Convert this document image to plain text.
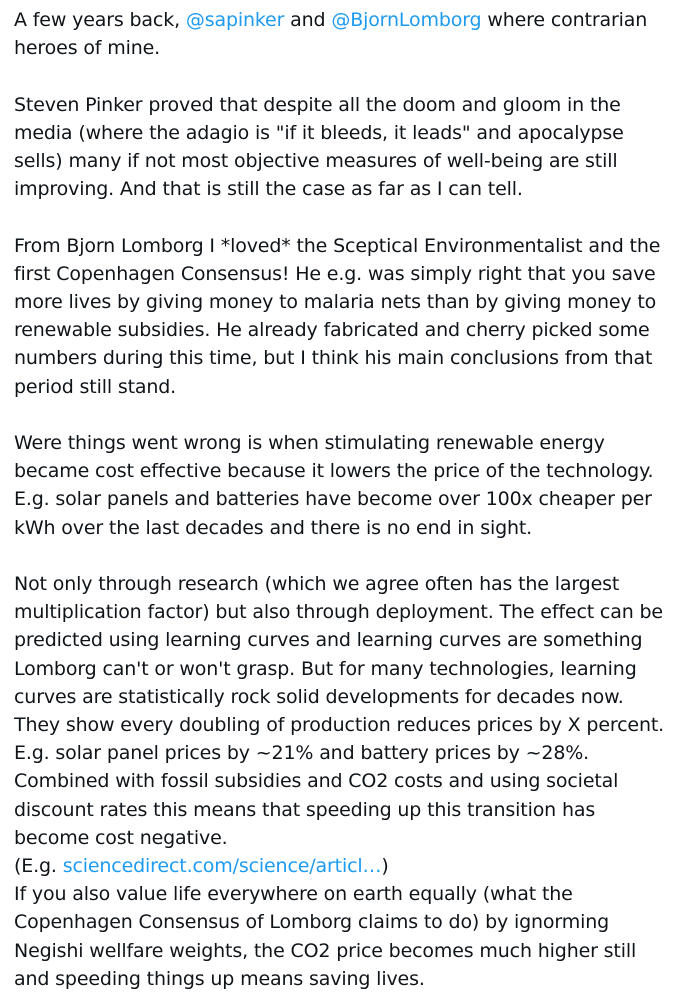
A few years back, @sapinker and @BjornLomborg where contrarian heroes of mine.

Steven Pinker proved that despite all the doom and gloom in the media (where the adagio is "if it bleeds, it leads" and apocalypse sells) many if not most objective measures of well-being are still improving. And that is still the case as far as I can tell.

From Bjorn Lomborg I *loved* the Sceptical Environmentalist and the first Copenhagen Consensus! He e.g. was simply right that you save more lives by giving money to malaria nets than by giving money to renewable subsidies. He already fabricated and cherry picked some numbers during this time, but I think his main conclusions from that period still stand.

Were things went wrong is when stimulating renewable energy became cost effective because it lowers the price of the technology. E.g. solar panels and batteries have become over 100x cheaper per kWh over the last decades and there is no end in sight.

Not only through research (which we agree often has the largest multiplication factor) but also through deployment. The effect can be predicted using learning curves and learning curves are something Lomborg can't or won't grasp. But for many technologies, learning curves are statistically rock solid developments for decades now. They show every doubling of production reduces prices by X percent. E.g. solar panel prices by ~21% and battery prices by ~28%. Combined with fossil subsidies and CO2 costs and using societal discount rates this means that speeding up this transition has become cost negative.

(E.g. sciencedirect.com/science/articl…)

If you also value life everywhere on earth equally (what the Copenhagen Consensus of Lomborg claims to do) by ignorming Negishi wellfare weights, the CO2 price becomes much higher still and speeding things up means saving lives.
